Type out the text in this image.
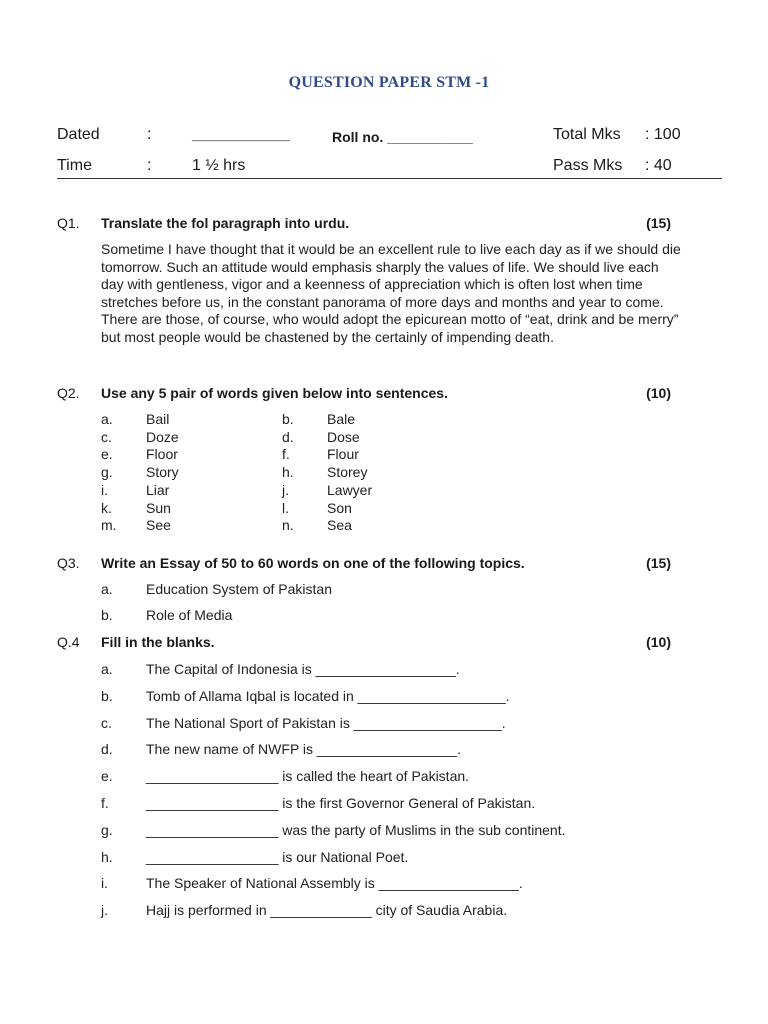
QUESTION PAPER STM -1
Dated	:	___________	Roll no. ___________	Total Mks : 100
Time	:	1 ½ hrs	Pass Mks : 40
Q1. Translate the fol paragraph into urdu.	(15)
Sometime I have thought that it would be an excellent rule to live each day as if we should die tomorrow. Such an attitude would emphasis sharply the values of life. We should live each day with gentleness, vigor and a keenness of appreciation which is often lost when time stretches before us, in the constant panorama of more days and months and year to come. There are those, of course, who would adopt the epicurean motto of “eat, drink and be merry” but most people would be chastened by the certainly of impending death.
Q2. Use any 5 pair of words given below into sentences.	(10)
a. Bail	b. Bale
c. Doze	d. Dose
e. Floor	f.	Flour
g. Story	h. Storey
i.	Liar	j.	Lawyer
k. Sun	l.	Son
m. See	n. Sea
Q3. Write an Essay of 50 to 60 words on one of the following topics.	(15)
a. Education System of Pakistan
b. Role of Media
Q.4 Fill in the blanks.	(10)
a. The Capital of Indonesia is __________________.
b. Tomb of Allama Iqbal is located in ___________________.
c. The National Sport of Pakistan is ___________________.
d. The new name of NWFP is __________________.
e. _________________ is called the heart of Pakistan.
f.	_________________ is the first Governor General of Pakistan.
g. _________________ was the party of Muslims in the sub continent.
h. _________________ is our National Poet.
i.	The Speaker of National Assembly is __________________.
j.	Hajj is performed in _____________ city of Saudia Arabia.
